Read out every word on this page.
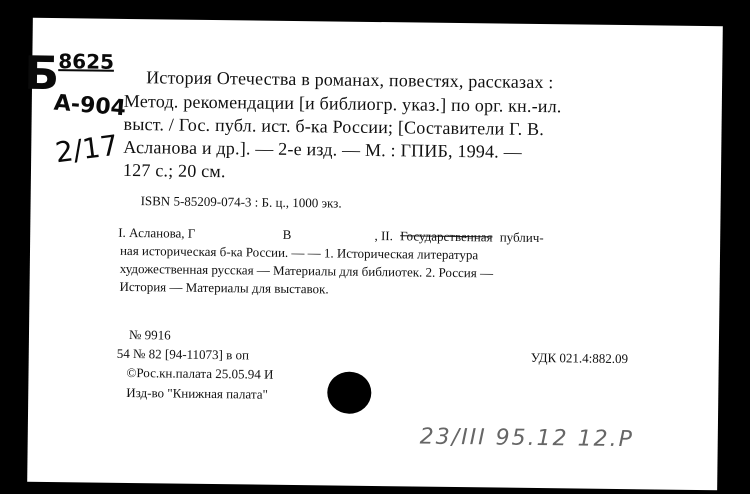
Б
8625
А-904
2/17
История Отечества в романах, повестях, рассказах :
Метод. рекомендации [и библиогр. указ.] по орг. кн.-ил.
выст. / Гос. публ. ист. б-ка России; [Составители Г. В.
Асланова и др.]. — 2-е изд. — М. : ГПИБ, 1994. —
127 с.; 20 см.
ISBN 5-85209-074-3 : Б. ц., 1000 экз.
I. Асланова, Г	В	, II. Государственная публич-
ная историческая б-ка России. — — 1. Историческая литература
художественная русская — Материалы для библиотек. 2. Россия —
История — Материалы для выставок.
№ 9916
54 № 82 [94-11073] в оп	УДК 021.4:882.09
©Рос.кн.палата 25.05.94 И
Изд-во "Книжная палата"
23/III 95.12 12.Р
